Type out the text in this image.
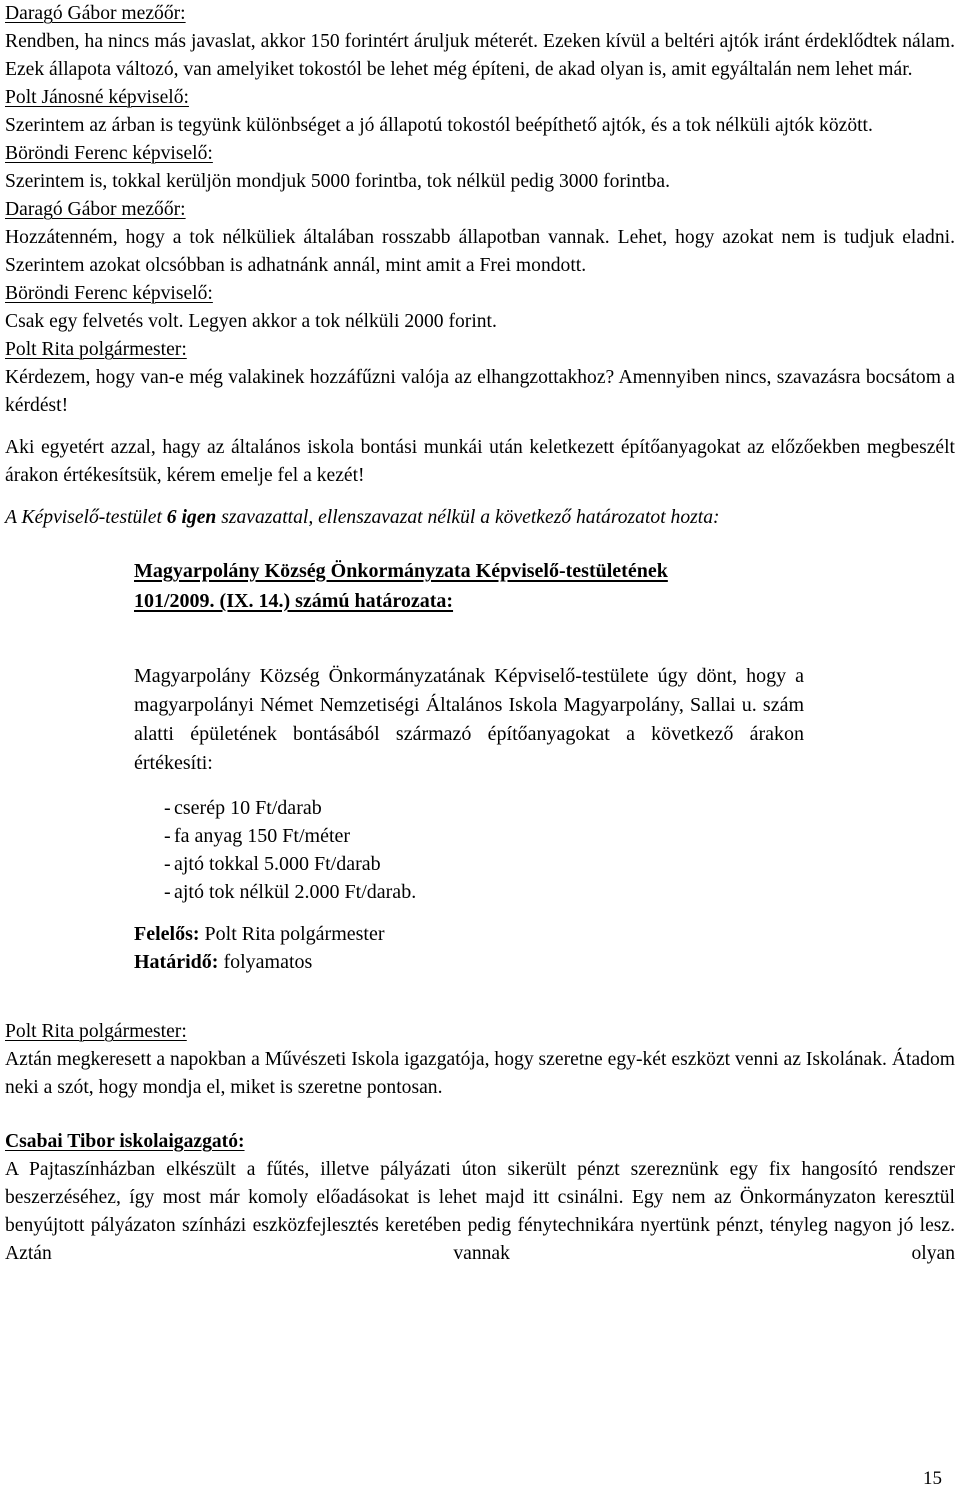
Daragó Gábor mezőőr:
Rendben, ha nincs más javaslat, akkor 150 forintért áruljuk méterét. Ezeken kívül a beltéri ajtók iránt érdeklődtek nálam. Ezek állapota változó, van amelyiket tokostól be lehet még építeni, de akad olyan is, amit egyáltalán nem lehet már.
Polt Jánosné képviselő:
Szerintem az árban is tegyünk különbséget a jó állapotú tokostól beépíthető ajtók, és a tok nélküli ajtók között.
Böröndi Ferenc képviselő:
Szerintem is, tokkal kerüljön mondjuk 5000 forintba, tok nélkül pedig 3000 forintba.
Daragó Gábor mezőőr:
Hozzátenném, hogy a tok nélküliek általában rosszabb állapotban vannak. Lehet, hogy azokat nem is tudjuk eladni. Szerintem azokat olcsóbban is adhatnánk annál, mint amit a Frei mondott.
Böröndi Ferenc képviselő:
Csak egy felvetés volt. Legyen akkor a tok nélküli 2000 forint.
Polt Rita polgármester:
Kérdezem, hogy van-e még valakinek hozzáfűzni valója az elhangzottakhoz? Amennyiben nincs, szavazásra bocsátom a kérdést!
Aki egyetért azzal, hagy az általános iskola bontási munkái után keletkezett építőanyagokat az előzőekben megbeszélt árakon értékesítsük, kérem emelje fel a kezét!
A Képviselő-testület 6 igen szavazattal, ellenszavazat nélkül a következő határozatot hozta:
Magyarpolány Község Önkormányzata Képviselő-testületének
101/2009. (IX. 14.) számú határozata:
Magyarpolány Község Önkormányzatának Képviselő-testülete úgy dönt, hogy a magyarpolányi Német Nemzetiségi Általános Iskola Magyarpolány, Sallai u. szám alatti épületének bontásából származó építőanyagokat a következő árakon értékesíti:
- cserép 10 Ft/darab
- fa anyag 150 Ft/méter
- ajtó tokkal 5.000 Ft/darab
- ajtó tok nélkül 2.000 Ft/darab.
Felelős: Polt Rita polgármester
Határidő: folyamatos
Polt Rita polgármester:
Aztán megkeresett a napokban a Művészeti Iskola igazgatója, hogy szeretne egy-két eszközt venni az Iskolának. Átadom neki a szót, hogy mondja el, miket is szeretne pontosan.
Csabai Tibor iskolaigazgató:
A Pajtaszínházban elkészült a fűtés, illetve pályázati úton sikerült pénzt szereznünk egy fix hangosító rendszer beszerzéséhez, így most már komoly előadásokat is lehet majd itt csinálni. Egy nem az Önkormányzaton keresztül benyújtott pályázaton színházi eszközfejlesztés keretében pedig fénytechnikára nyertünk pénzt, tényleg nagyon jó lesz. Aztán vannak olyan
15
